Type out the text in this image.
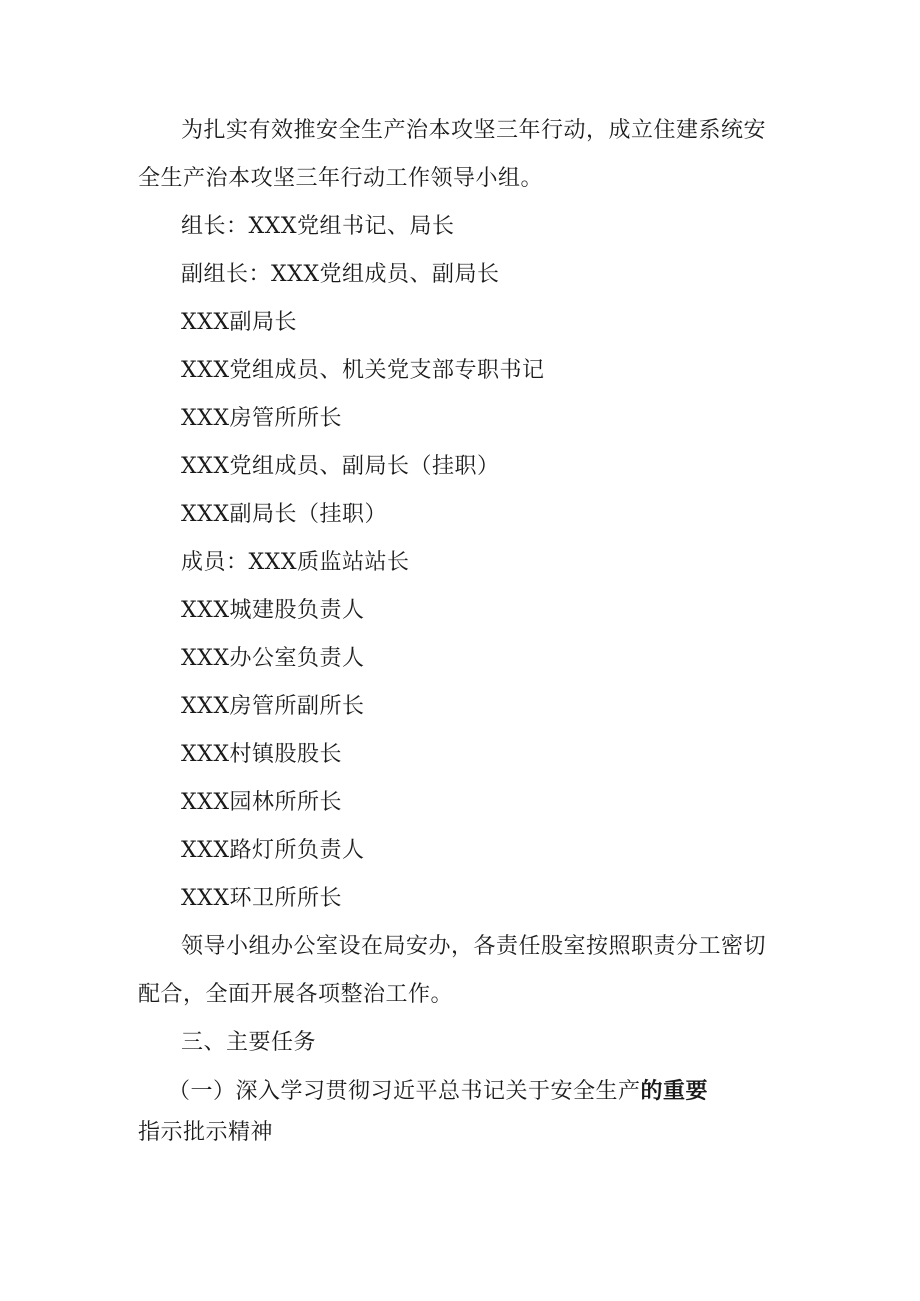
为扎实有效推安全生产治本攻坚三年行动，成立住建系统安
全生产治本攻坚三年行动工作领导小组。
组长：XXX党组书记、局长
副组长：XXX党组成员、副局长
XXX副局长
XXX党组成员、机关党支部专职书记
XXX房管所所长
XXX党组成员、副局长（挂职）
XXX副局长（挂职）
成员：XXX质监站站长
XXX城建股负责人
XXX办公室负责人
XXX房管所副所长
XXX村镇股股长
XXX园林所所长
XXX路灯所负责人
XXX环卫所所长
领导小组办公室设在局安办，各责任股室按照职责分工密切
配合，全面开展各项整治工作。
三、主要任务
（一）深入学习贯彻习近平总书记关于安全生产的重要
指示批示精神
